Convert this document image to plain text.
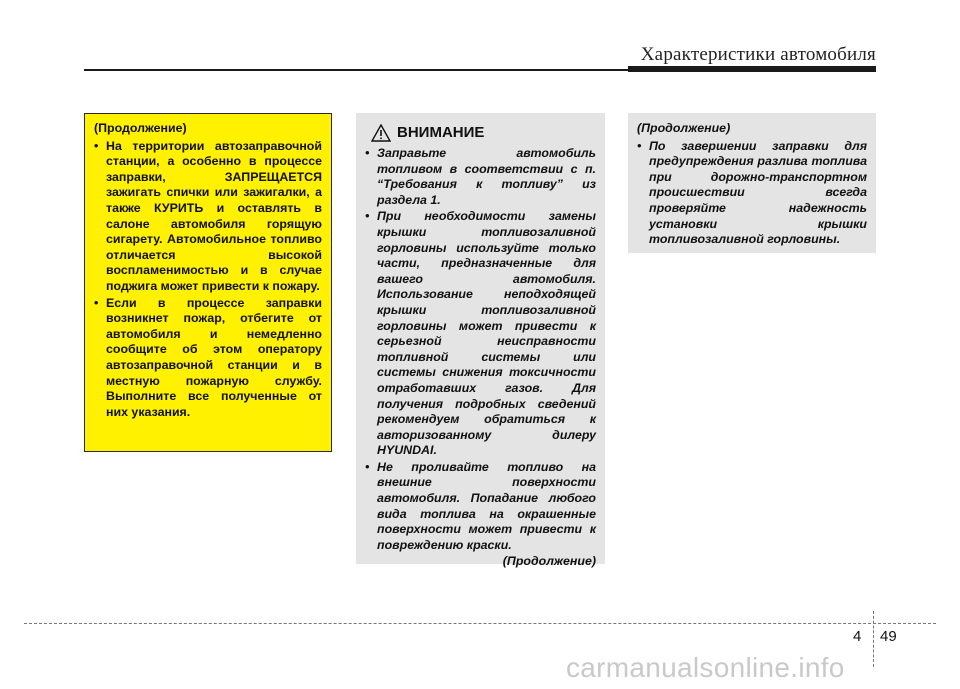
Характеристики автомобиля
(Продолжение)
• На территории автозаправочной станции, а особенно в процессе заправки, ЗАПРЕЩАЕТСЯ зажигать спички или зажигалки, а также КУРИТЬ и оставлять в салоне автомобиля горящую сигарету. Автомобильное топливо отличается высокой воспламенимостью и в случае поджига может привести к пожару.
• Если в процессе заправки возникнет пожар, отбегите от автомобиля и немедленно сообщите об этом оператору автозаправочной станции и в местную пожарную службу. Выполните все полученные от них указания.
ВНИМАНИЕ
• Заправьте автомобиль топливом в соответствии с п. “Требования к топливу” из раздела 1.
• При необходимости замены крышки топливозаливной горловины используйте только части, предназначенные для вашего автомобиля. Использование неподходящей крышки топливозаливной горловины может привести к серьезной неисправности топливной системы или системы снижения токсичности отработавших газов. Для получения подробных сведений рекомендуем обратиться к авторизованному дилеру HYUNDAI.
• Не проливайте топливо на внешние поверхности автомобиля. Попадание любого вида топлива на окрашенные поверхности может привести к повреждению краски.
(Продолжение)
(Продолжение)
• По завершении заправки для предупреждения разлива топлива при дорожно-транспортном происшествии всегда проверяйте надежность установки крышки топливозаливной горловины.
4 49
carmanualsonline.info
